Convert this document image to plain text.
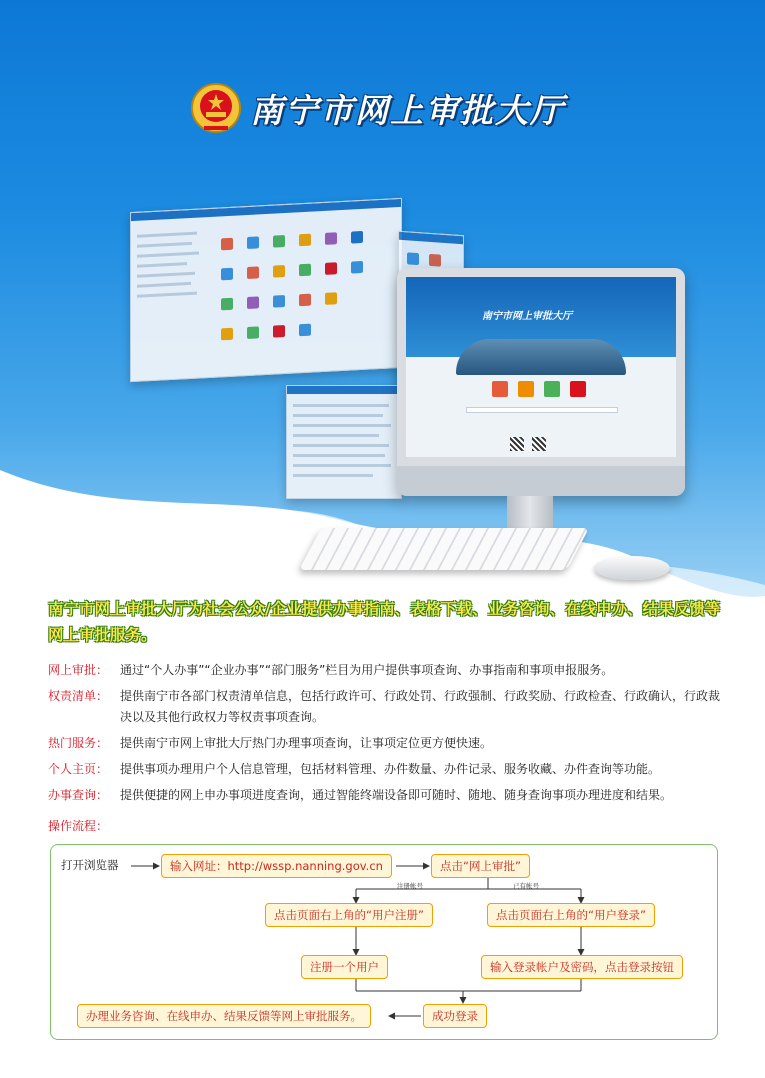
南宁市网上审批大厅
南宁市网上审批大厅

南宁市网上审批大厅为社会公众/企业提供办事指南、表格下载、业务咨询、在线申办、结果反馈等网上审批服务。

网上审批： 通过“个人办事”“企业办事”“部门服务”栏目为用户提供事项查询、办事指南和事项申报服务。
权责清单： 提供南宁市各部门权责清单信息，包括行政许可、行政处罚、行政强制、行政奖励、行政检查、行政确认，行政裁决以及其他行政权力等权责事项查询。
热门服务： 提供南宁市网上审批大厅热门办理事项查询，让事项定位更方便快速。
个人主页： 提供事项办理用户个人信息管理，包括材料管理、办件数量、办件记录、服务收藏、办件查询等功能。
办事查询： 提供便捷的网上申办事项进度查询，通过智能终端设备即可随时、随地、随身查询事项办理进度和结果。

操作流程：

打开浏览器	输入网址：http://wssp.nanning.gov.cn	点击“网上审批”
注册帐号	已有帐号
点击页面右上角的“用户注册”	点击页面右上角的“用户登录”
注册一个用户	输入登录帐户及密码，点击登录按钮
成功登录
办理业务咨询、在线申办、结果反馈等网上审批服务。
